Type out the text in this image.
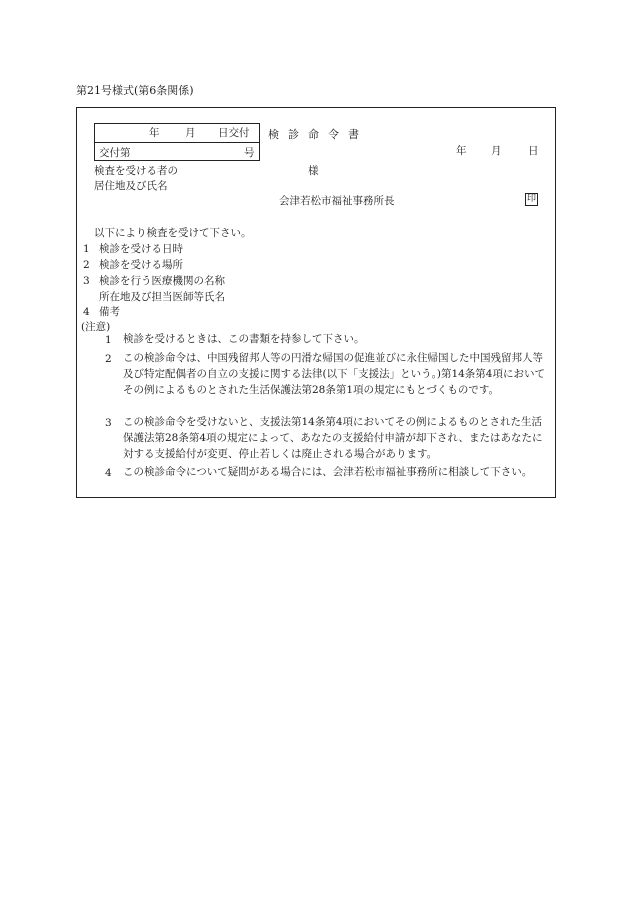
第21号様式(第6条関係)
年 月 日交付
交付第	号
検診命令書
年 月	日
検査を受ける者の
居住地及び氏名
様
会津若松市福祉事務所長	印
以下により検査を受けて下さい。
1 検診を受ける日時
2 検診を受ける場所
3 検診を行う医療機関の名称
所在地及び担当医師等氏名
4 備考
(注意)
1 検診を受けるときは、この書類を持参して下さい。
2 この検診命令は、中国残留邦人等の円滑な帰国の促進並びに永住帰国した中国残留邦人等及び特定配偶者の自立の支援に関する法律(以下「支援法」という。)第14条第4項においてその例によるものとされた生活保護法第28条第1項の規定にもとづくものです。
3 この検診命令を受けないと、支援法第14条第4項においてその例によるものとされた生活保護法第28条第4項の規定によって、あなたの支援給付申請が却下され、またはあなたに対する支援給付が変更、停止若しくは廃止される場合があります。
4 この検診命令について疑問がある場合には、会津若松市福祉事務所に相談して下さい。
